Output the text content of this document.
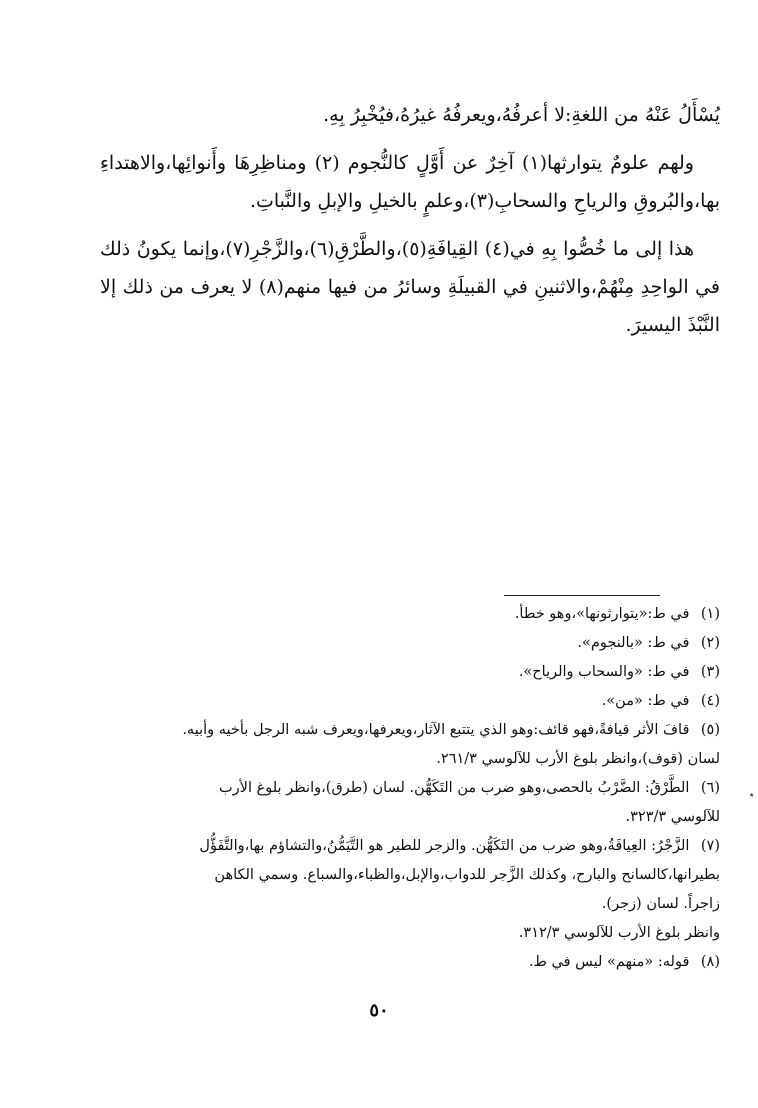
يُسْأَلُ عَنْهُ من اللغةِ:لا أعرفُهُ،ويعرفُهُ غيرُهُ،فيُخْبِرُ بِهِ.

ولهم علومٌ يتوارثها(١) آخِرٌ عن أَوَّلٍ كالنُّجوم (٢) ومناظِرِهَا وأَنوائِها،والاهتداءِ بها،والبُروقِ والرياحِ والسحابِ(٣)،وعلمٍ بالخيلِ والإبلِ والنَّباتِ.

هذا إلى ما خُصُّوا بِهِ في(٤) القِيافَةِ(٥)،والطَّرْقِ(٦)،والزَّجْرِ(٧)،وإنما يكونُ ذلك في الواحِدِ مِنْهُمْ،والاثنينِ في القبيلَةِ وسائرُ من فيها منهم(٨) لا يعرف من ذلك إلا النَّبْذَ اليسيرَ.

(١) في ط:«يتوارثونها»،وهو خطأ.

(٢) في ط: «بالنجوم».

(٣) في ط: «والسحاب والرياح».

(٤) في ط: «من».

(٥) قافَ الأثر قيافةً،فهو قائف:وهو الذي يتتبع الآثار،ويعرفها،ويعرف شبه الرجل بأخيه وأبيه.

لسان (قوف)،وانظر بلوغ الأرب للآلوسي ٢٦١/٣.

(٦) الطَّرْقُ: الضَّرْبُ بالحصى،وهو ضرب من التَكَهُّن. لسان (طرق)،وانظر بلوغ الأرب

للآلوسي ٣٢٣/٣.

(٧) الزَّجْرُ: العِيافَةُ،وهو ضرب من التَكَهُّن. والزجر للطير هو التَّيَمُّنُ،والتشاؤم بها،والتَّفَؤُّل

بطيرانها،كالسانح والبارح، وكذلك الزَّجر للدواب،والإبل،والظباء،والسباع. وسمي الكاهن

زاجراً. لسان (زجر).

وانظر بلوغ الأرب للآلوسي ٣١٢/٣.

(٨) قوله: «منهم» ليس في ط.

٭
٥٠
